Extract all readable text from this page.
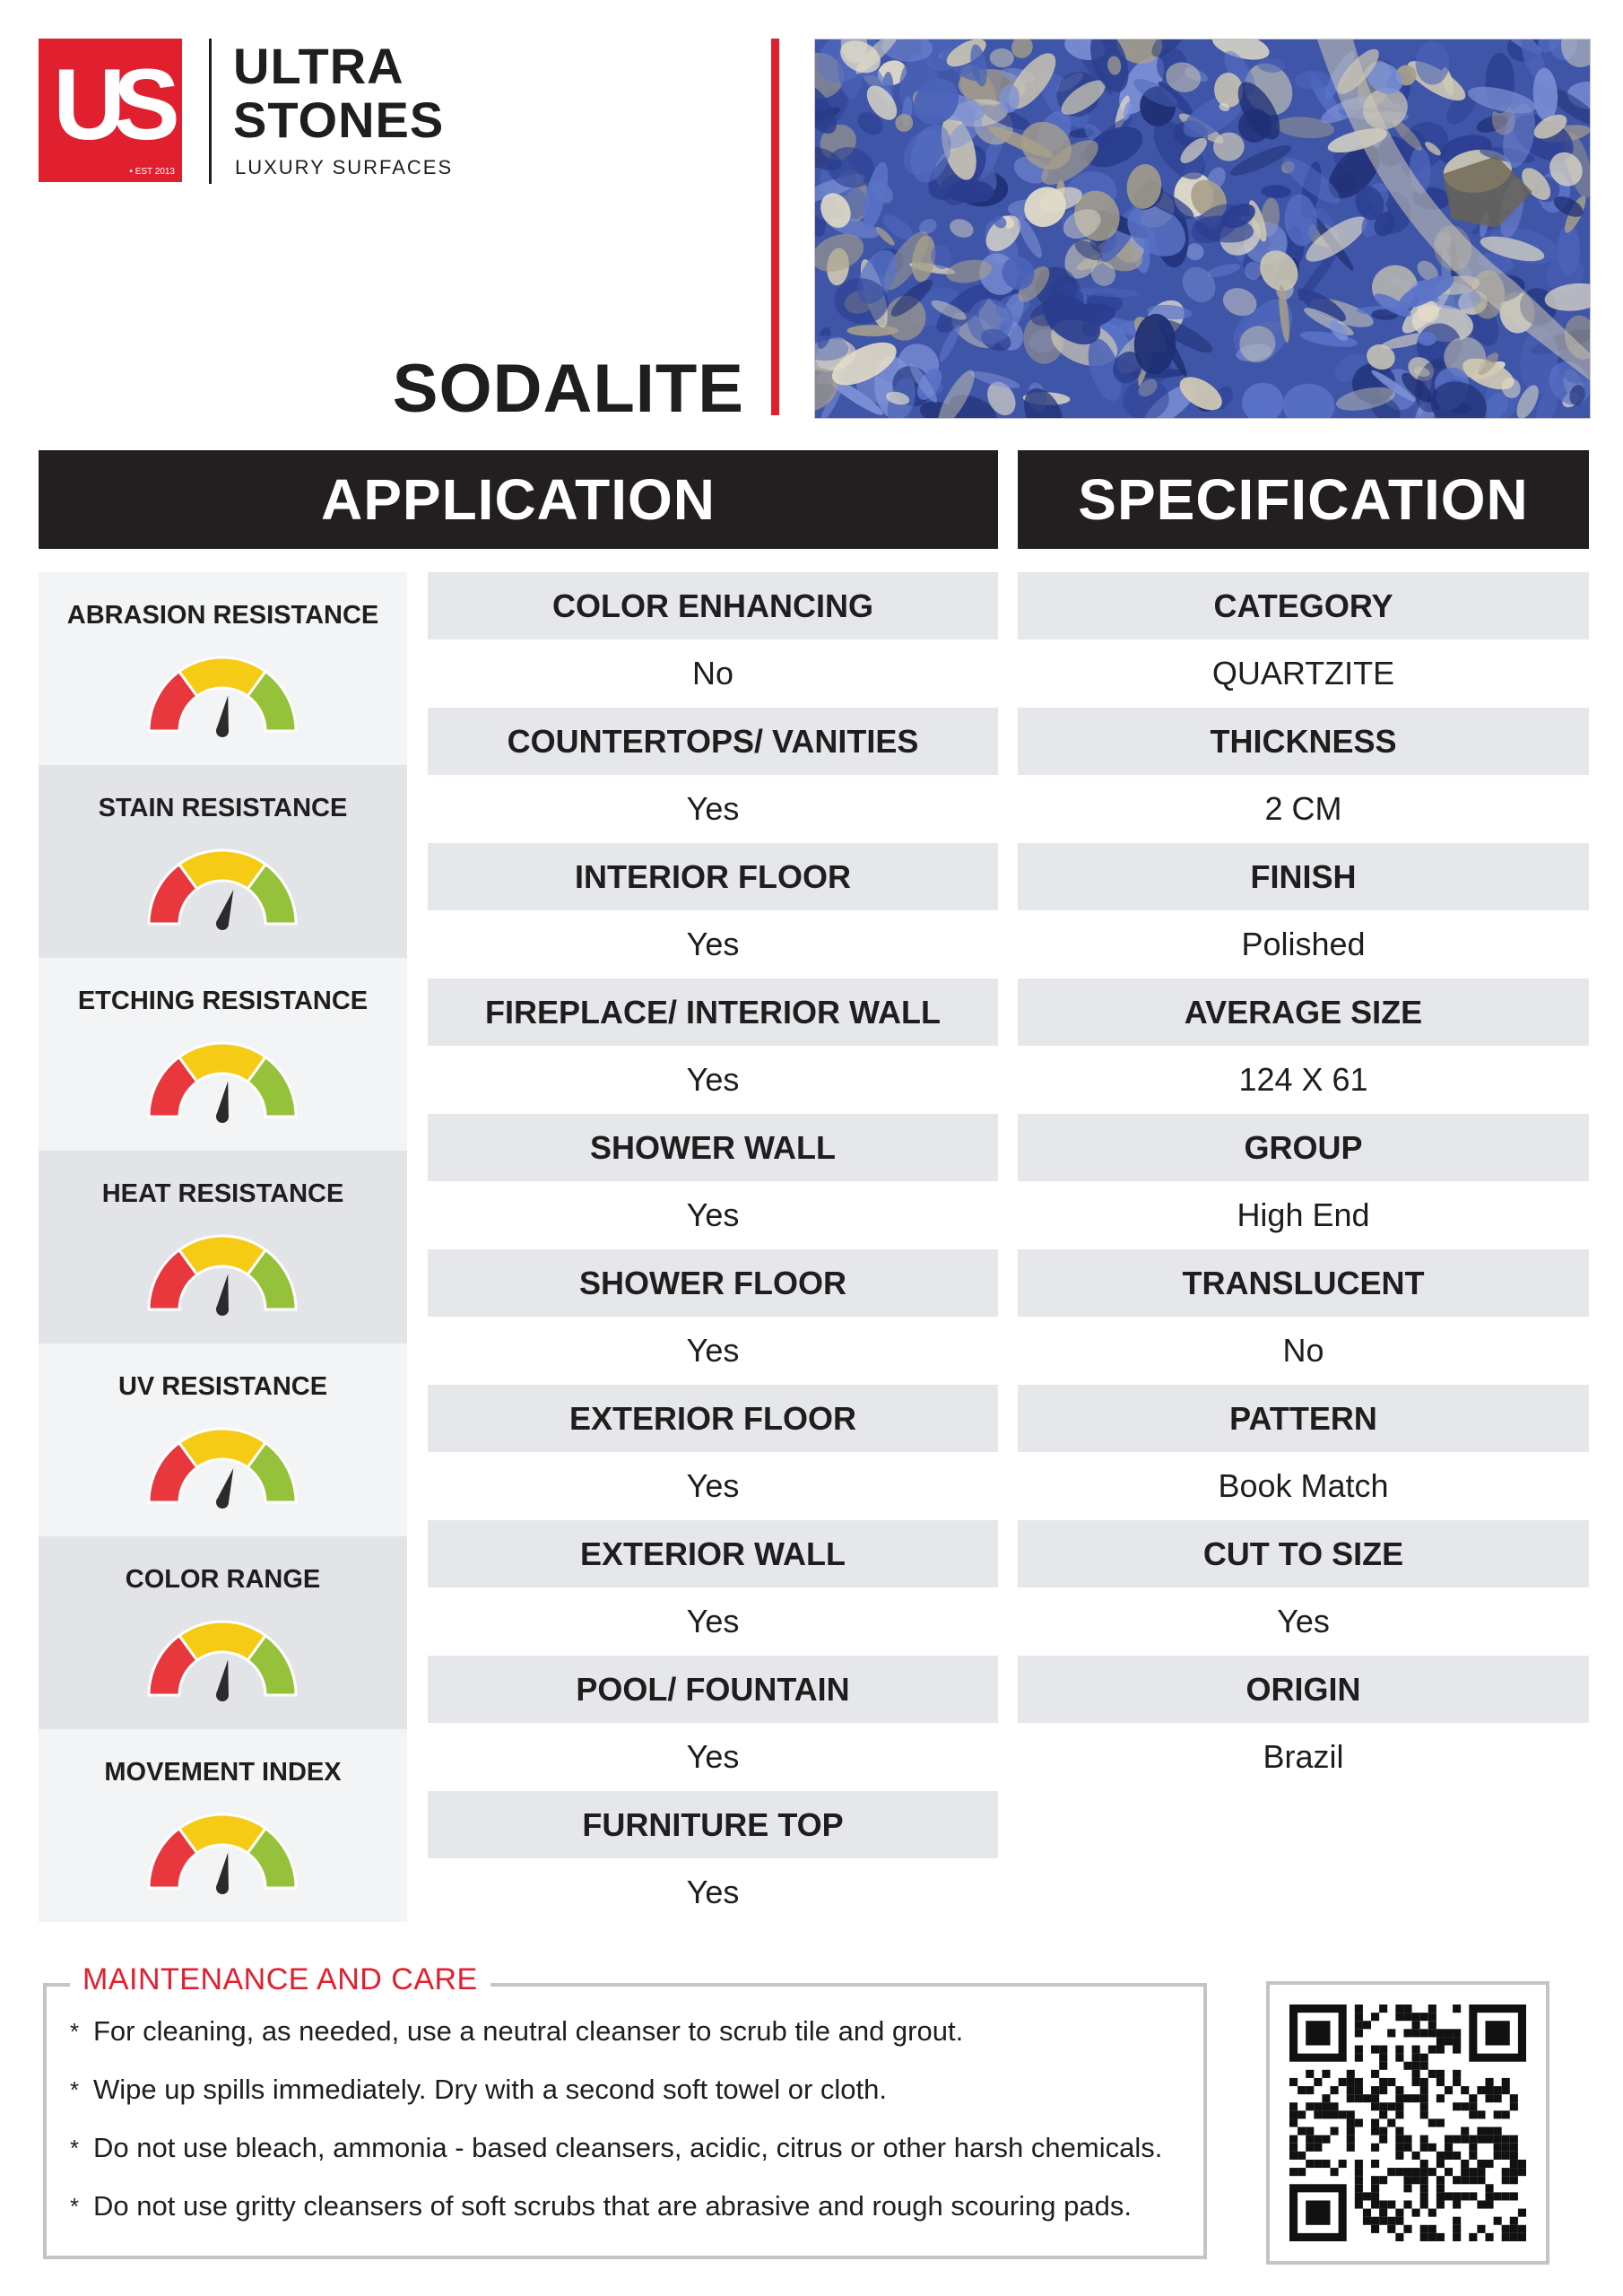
US
• EST 2013
ULTRA
STONES
LUXURY SURFACES
SODALITE
APPLICATION	SPECIFICATION
ABRASION RESISTANCE
STAIN RESISTANCE
ETCHING RESISTANCE
HEAT RESISTANCE
UV RESISTANCE
COLOR RANGE
MOVEMENT INDEX
COLOR ENHANCING
No
COUNTERTOPS/ VANITIES
Yes
INTERIOR FLOOR
Yes
FIREPLACE/ INTERIOR WALL
Yes
SHOWER WALL
Yes
SHOWER FLOOR
Yes
EXTERIOR FLOOR
Yes
EXTERIOR WALL
Yes
POOL/ FOUNTAIN
Yes
FURNITURE TOP
Yes
CATEGORY
QUARTZITE
THICKNESS
2 CM
FINISH
Polished
AVERAGE SIZE
124 X 61
GROUP
High End
TRANSLUCENT
No
PATTERN
Book Match
CUT TO SIZE
Yes
ORIGIN
Brazil
MAINTENANCE AND CARE
* For cleaning, as needed, use a neutral cleanser to scrub tile and grout.
* Wipe up spills immediately. Dry with a second soft towel or cloth.
* Do not use bleach, ammonia - based cleansers, acidic, citrus or other harsh chemicals.
* Do not use gritty cleansers of soft scrubs that are abrasive and rough scouring pads.
